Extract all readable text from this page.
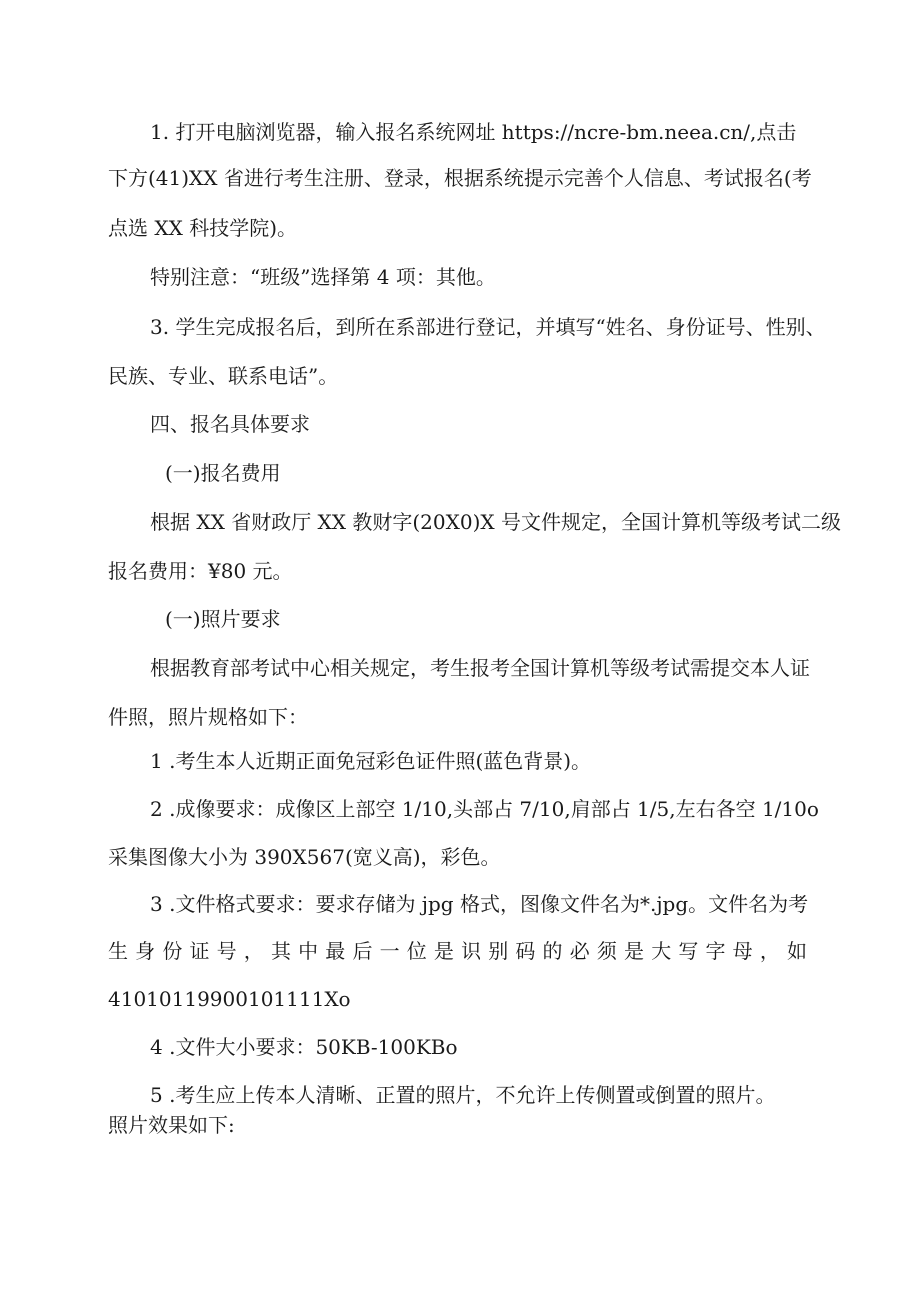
1. 打开电脑浏览器，输入报名系统网址 https://ncre-bm.neea.cn/,点击
下方(41)XX 省进行考生注册、登录，根据系统提示完善个人信息、考试报名(考
点选 XX 科技学院)。
特别注意：“班级”选择第 4 项：其他。
3. 学生完成报名后，到所在系部进行登记，并填写“姓名、身份证号、性别、
民族、专业、联系电话”。
四、报名具体要求
(一)报名费用
根据 XX 省财政厅 XX 教财字(20X0)X 号文件规定，全国计算机等级考试二级
报名费用：¥80 元。
(一)照片要求
根据教育部考试中心相关规定，考生报考全国计算机等级考试需提交本人证
件照，照片规格如下：
1 .考生本人近期正面免冠彩色证件照(蓝色背景)。
2 .成像要求：成像区上部空 1/10,头部占 7/10,肩部占 1/5,左右各空 1/10o
采集图像大小为 390X567(宽义高)，彩色。
3 .文件格式要求：要求存储为 jpg 格式，图像文件名为*.jpg。文件名为考
生 身 份 证 号 ， 其 中 最 后 一 位 是 识 别 码 的 必 须 是 大 写 字 母 ， 如
41010119900101111Xo
4 .文件大小要求：50KB-100KBo
5 .考生应上传本人清晰、正置的照片，不允许上传侧置或倒置的照片。
照片效果如下:
